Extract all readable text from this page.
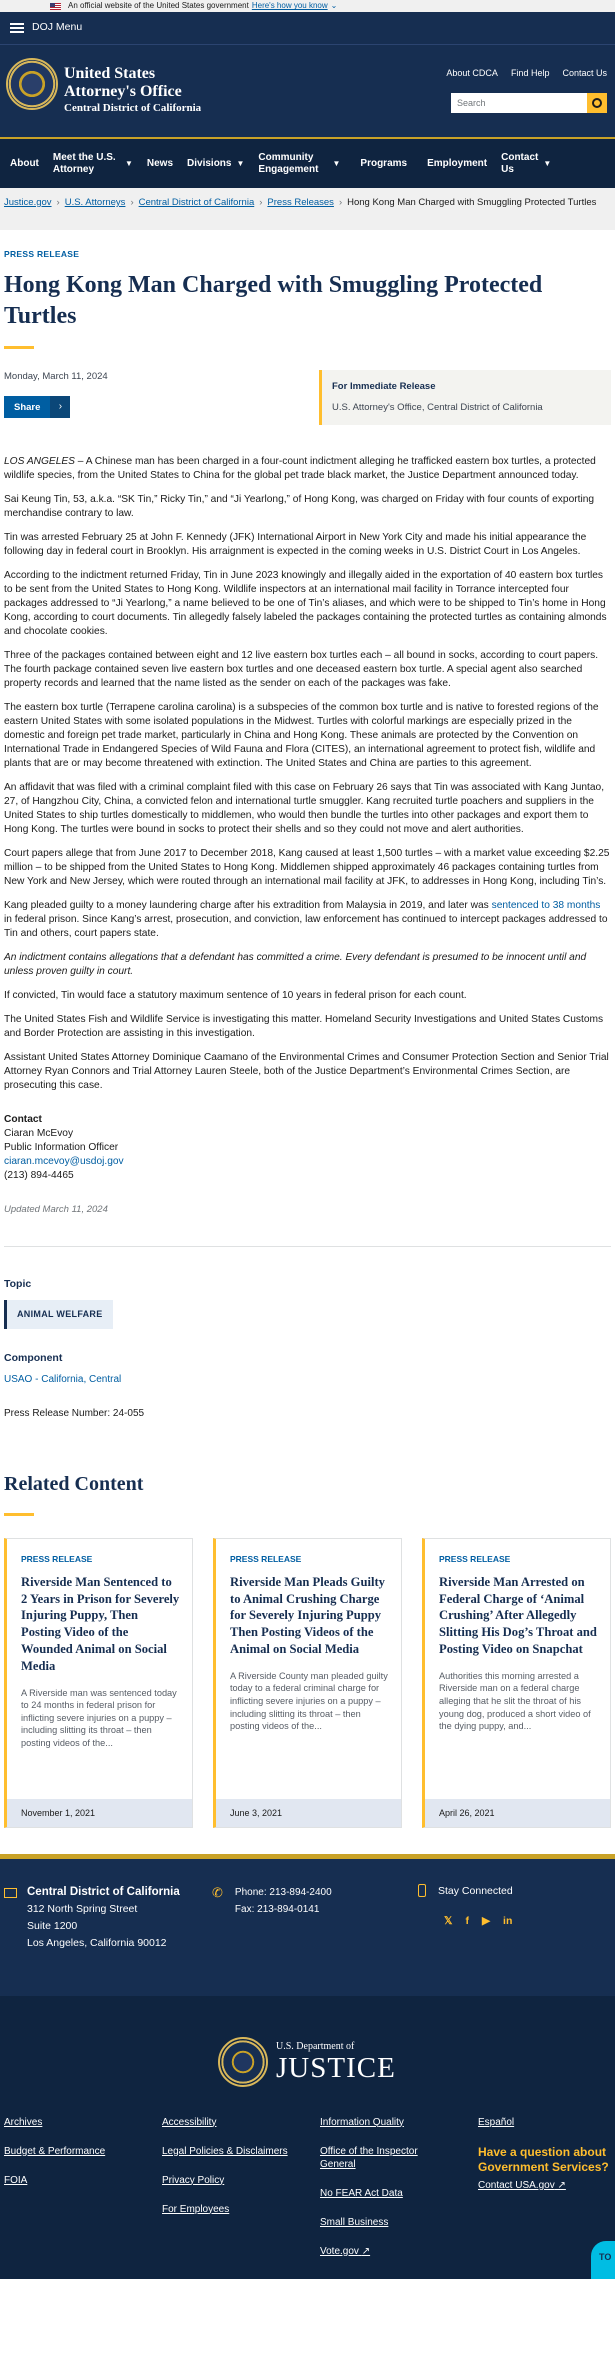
An official website of the United States government Here's how you know ⌄
DOJ Menu
United States
Attorney's Office
Central District of California
About CDCA Find Help Contact Us
Search
About
Meet the U.S. Attorney
▼ News Divisions ▼
Community Engagement
▼ Programs Employment
Contact Us
▼
Justice.gov › U.S. Attorneys › Central District of California › Press Releases › Hong Kong Man Charged with Smuggling Protected Turtles
PRESS RELEASE
Hong Kong Man Charged with Smuggling Protected Turtles
Monday, March 11, 2024
Share	›
For Immediate Release
U.S. Attorney's Office, Central District of California

LOS ANGELES – A Chinese man has been charged in a four-count indictment alleging he trafficked eastern box turtles, a protected wildlife species, from the United States to China for the global pet trade black market, the Justice Department announced today.

Sai Keung Tin, 53, a.k.a. “SK Tin,” Ricky Tin,” and “Ji Yearlong,” of Hong Kong, was charged on Friday with four counts of exporting merchandise contrary to law.

Tin was arrested February 25 at John F. Kennedy (JFK) International Airport in New York City and made his initial appearance the following day in federal court in Brooklyn. His arraignment is expected in the coming weeks in U.S. District Court in Los Angeles.

According to the indictment returned Friday, Tin in June 2023 knowingly and illegally aided in the exportation of 40 eastern box turtles to be sent from the United States to Hong Kong. Wildlife inspectors at an international mail facility in Torrance intercepted four packages addressed to “Ji Yearlong,” a name believed to be one of Tin’s aliases, and which were to be shipped to Tin’s home in Hong Kong, according to court documents. Tin allegedly falsely labeled the packages containing the protected turtles as containing almonds and chocolate cookies.

Three of the packages contained between eight and 12 live eastern box turtles each – all bound in socks, according to court papers. The fourth package contained seven live eastern box turtles and one deceased eastern box turtle. A special agent also searched property records and learned that the name listed as the sender on each of the packages was fake.

The eastern box turtle (Terrapene carolina carolina) is a subspecies of the common box turtle and is native to forested regions of the eastern United States with some isolated populations in the Midwest. Turtles with colorful markings are especially prized in the domestic and foreign pet trade market, particularly in China and Hong Kong. These animals are protected by the Convention on International Trade in Endangered Species of Wild Fauna and Flora (CITES), an international agreement to protect fish, wildlife and plants that are or may become threatened with extinction. The United States and China are parties to this agreement.

An affidavit that was filed with a criminal complaint filed with this case on February 26 says that Tin was associated with Kang Juntao, 27, of Hangzhou City, China, a convicted felon and international turtle smuggler. Kang recruited turtle poachers and suppliers in the United States to ship turtles domestically to middlemen, who would then bundle the turtles into other packages and export them to Hong Kong. The turtles were bound in socks to protect their shells and so they could not move and alert authorities.

Court papers allege that from June 2017 to December 2018, Kang caused at least 1,500 turtles – with a market value exceeding $2.25 million – to be shipped from the United States to Hong Kong. Middlemen shipped approximately 46 packages containing turtles from New York and New Jersey, which were routed through an international mail facility at JFK, to addresses in Hong Kong, including Tin’s.

Kang pleaded guilty to a money laundering charge after his extradition from Malaysia in 2019, and later was sentenced to 38 months in federal prison. Since Kang’s arrest, prosecution, and conviction, law enforcement has continued to intercept packages addressed to Tin and others, court papers state.

An indictment contains allegations that a defendant has committed a crime. Every defendant is presumed to be innocent until and unless proven guilty in court.

If convicted, Tin would face a statutory maximum sentence of 10 years in federal prison for each count.

The United States Fish and Wildlife Service is investigating this matter. Homeland Security Investigations and United States Customs and Border Protection are assisting in this investigation.

Assistant United States Attorney Dominique Caamano of the Environmental Crimes and Consumer Protection Section and Senior Trial Attorney Ryan Connors and Trial Attorney Lauren Steele, both of the Justice Department’s Environmental Crimes Section, are prosecuting this case.

Contact
Ciaran McEvoy
Public Information Officer
ciaran.mcevoy@usdoj.gov
(213) 894-4465
Updated March 11, 2024
Topic
ANIMAL WELFARE
Component
USAO - California, Central
Press Release Number: 24-055
Related Content
PRESS RELEASE
Riverside Man Sentenced to 2 Years in Prison for Severely Injuring Puppy, Then Posting Video of the Wounded Animal on Social Media
A Riverside man was sentenced today to 24 months in federal prison for inflicting severe injuries on a puppy – including slitting its throat – then posting videos of the...
November 1, 2021
PRESS RELEASE
Riverside Man Pleads Guilty to Animal Crushing Charge for Severely Injuring Puppy Then Posting Videos of the Animal on Social Media
A Riverside County man pleaded guilty today to a federal criminal charge for inflicting severe injuries on a puppy – including slitting its throat – then posting videos of the...
June 3, 2021
PRESS RELEASE
Riverside Man Arrested on Federal Charge of ‘Animal Crushing’ After Allegedly Slitting His Dog’s Throat and Posting Video on Snapchat
Authorities this morning arrested a Riverside man on a federal charge alleging that he slit the throat of his young dog, produced a short video of the dying puppy, and...
April 26, 2021
Central District of California
312 North Spring Street
Suite 1200
Los Angeles, California 90012
✆ Phone: 213-894-2400
Fax: 213-894-0141
Stay Connected
𝕏 f ▶ in
U.S. Department of
JUSTICE
Archives
Budget & Performance
FOIA
Accessibility
Legal Policies & Disclaimers
Privacy Policy
For Employees
Information Quality
Office of the Inspector General
No FEAR Act Data
Small Business
Vote.gov ↗
Español
Have a question about Government Services?
Contact USA.gov ↗
TO
